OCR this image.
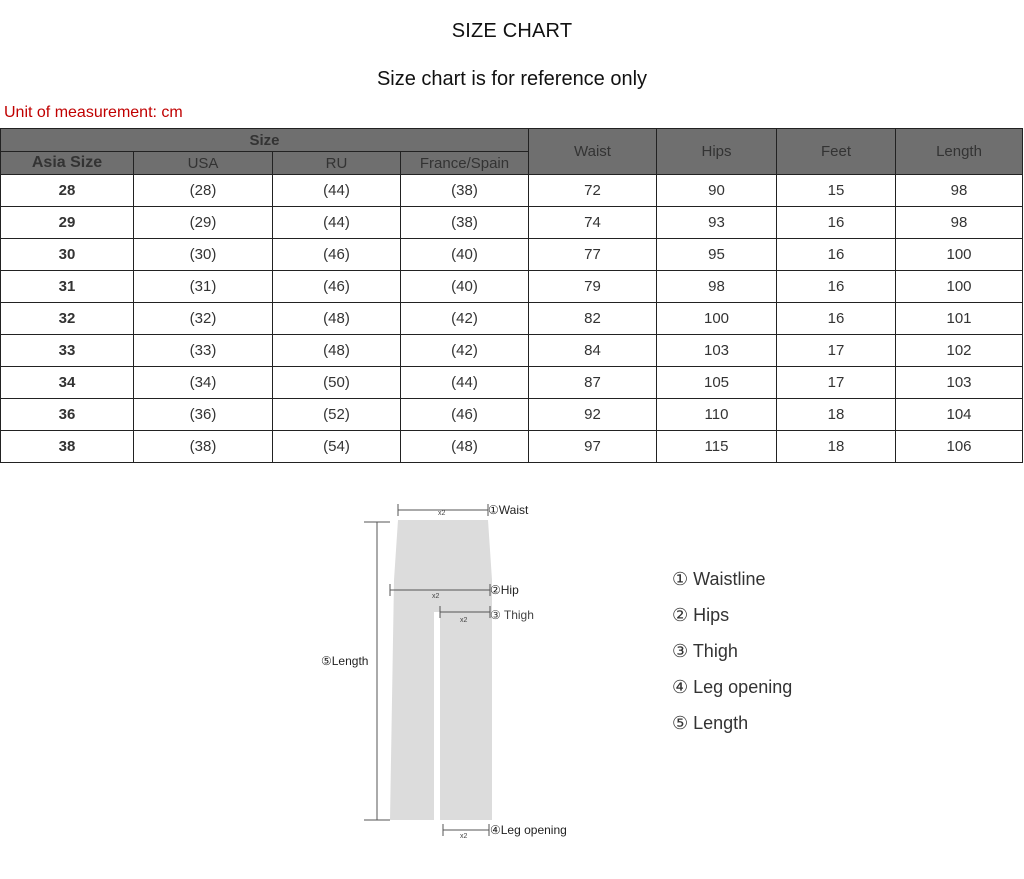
SIZE CHART
Size chart is for reference only
Unit of measurement: cm
Size				Waist	Hips	Feet	Length
Asia Size	USA	RU	France/Spain				
28	(28)	(44)	(38)	72	90	15	98
29	(29)	(44)	(38)	74	93	16	98
30	(30)	(46)	(40)	77	95	16	100
31	(31)	(46)	(40)	79	98	16	100
32	(32)	(48)	(42)	82	100	16	101
33	(33)	(48)	(42)	84	103	17	102
34	(34)	(50)	(44)	87	105	17	103
36	(36)	(52)	(46)	92	110	18	104
38	(38)	(54)	(48)	97	115	18	106
x2	①Waist
x2	②Hip
x2 ③ Thigh
⑤Length
x2 ④Leg opening
① Waistline
② Hips
③ Thigh
④ Leg opening
⑤ Length
